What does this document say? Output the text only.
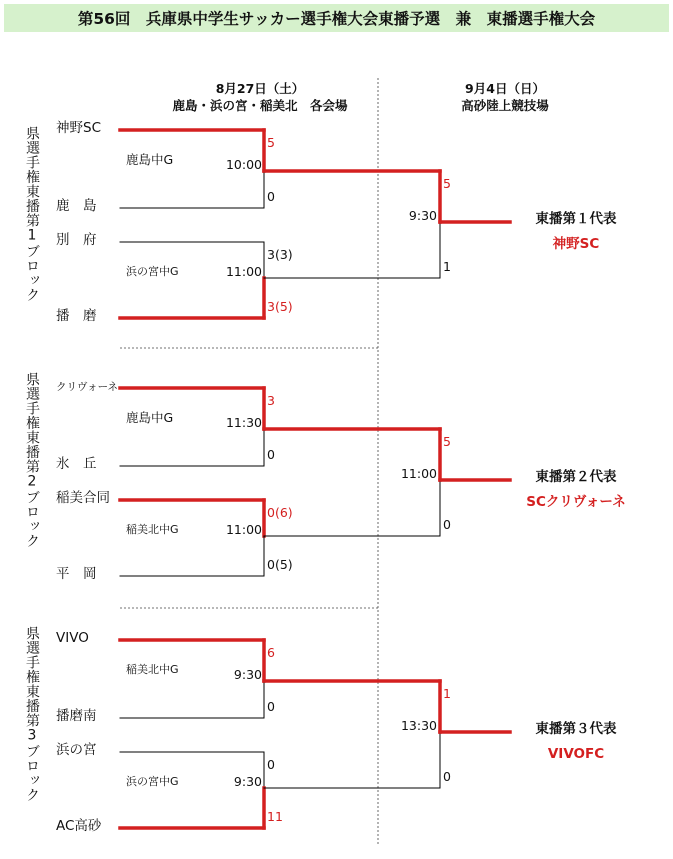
第56回　兵庫県中学生サッカー選手権大会東播予選　兼　東播選手権大会
8月27日（土）
鹿島・浜の宮・稲美北　各会場
9月4日（日）
高砂陸上競技場
県選手権東播第1ブロック 神野SC
鹿　島
5
0
鹿島中G	10:00
別　府
播　磨
3(3)
3(5)
浜の宮中G	11:00
5
1
9:30	東播第１代表
神野SC
県選手権東播第2ブロック クリヴォーネ
氷　丘
3
0
鹿島中G	11:30
稲美合同
平　岡
0(6)
0(5)
稲美北中G	11:00
5
0
11:00	東播第２代表
SCクリヴォーネ
県選手権東播第3ブロック VIVO
播磨南
6
0
稲美北中G	9:30
浜の宮
AC高砂
0
11
浜の宮中G	9:30
1
0
13:30	東播第３代表
VIVOFC
